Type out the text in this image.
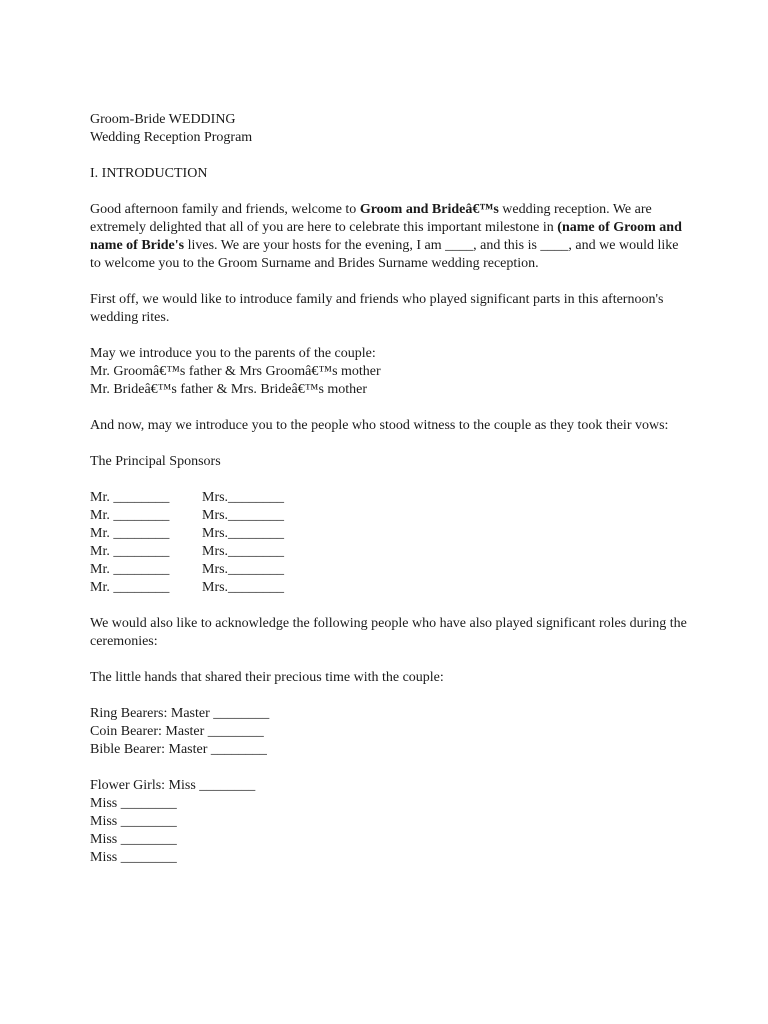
Groom-Bride WEDDING
Wedding Reception Program
I. INTRODUCTION
Good afternoon family and friends, welcome to Groom and Brideâ€™s wedding reception. We are extremely delighted that all of you are here to celebrate this important milestone in (name of Groom and name of Bride's lives. We are your hosts for the evening, I am ____, and this is ____, and we would like to welcome you to the Groom Surname and Brides Surname wedding reception.
First off, we would like to introduce family and friends who played significant parts in this afternoon's wedding rites.
May we introduce you to the parents of the couple:
Mr. Groomâ€™s father & Mrs Groomâ€™s mother
Mr. Brideâ€™s father & Mrs. Brideâ€™s mother
And now, may we introduce you to the people who stood witness to the couple as they took their vows:
The Principal Sponsors
Mr. ________	Mrs.________
Mr. ________	Mrs.________
Mr. ________	Mrs.________
Mr. ________	Mrs.________
Mr. ________	Mrs.________
Mr. ________	Mrs.________
We would also like to acknowledge the following people who have also played significant roles during the ceremonies:
The little hands that shared their precious time with the couple:
Ring Bearers: Master ________
Coin Bearer: Master ________
Bible Bearer: Master ________
Flower Girls: Miss ________
Miss ________
Miss ________
Miss ________
Miss ________
